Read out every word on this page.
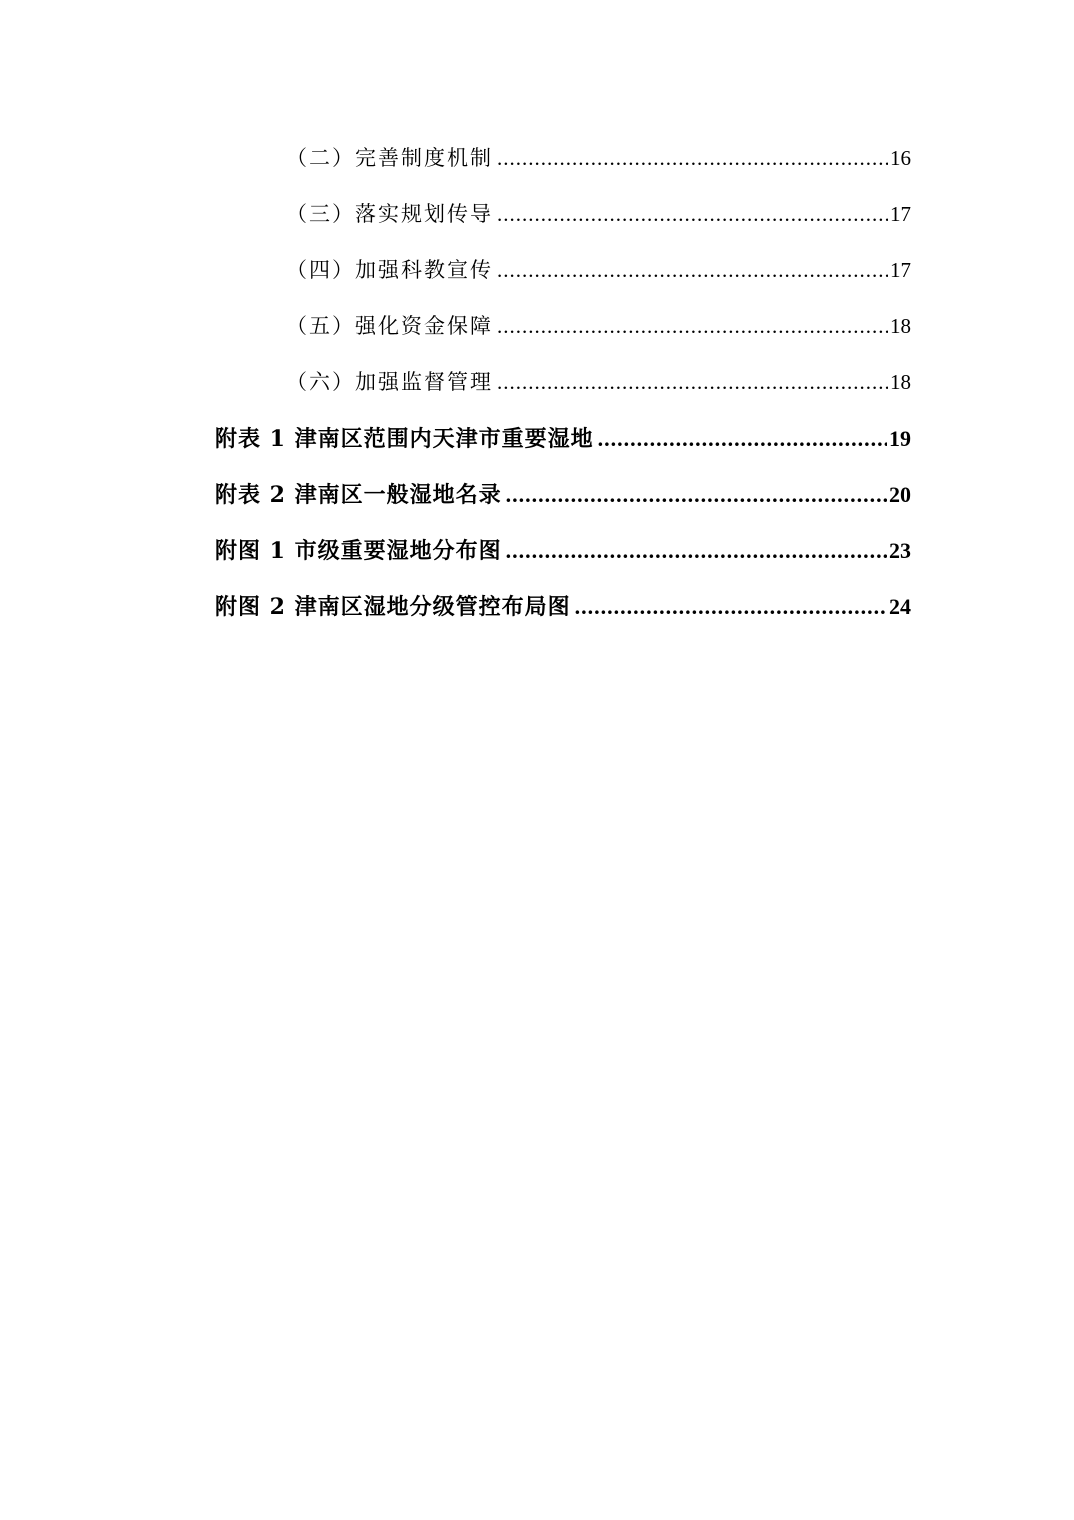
（二）完善制度机制 .....	16
（三）落实规划传导 .....	17
（四）加强科教宣传 .....	17
（五）强化资金保障 .....	18
（六）加强监督管理 .....	18
附表 1 津南区范围内天津市重要湿地 .....	19
附表 2 津南区一般湿地名录 .....	20
附图 1 市级重要湿地分布图 .....	23
附图 2 津南区湿地分级管控布局图 .....	24
